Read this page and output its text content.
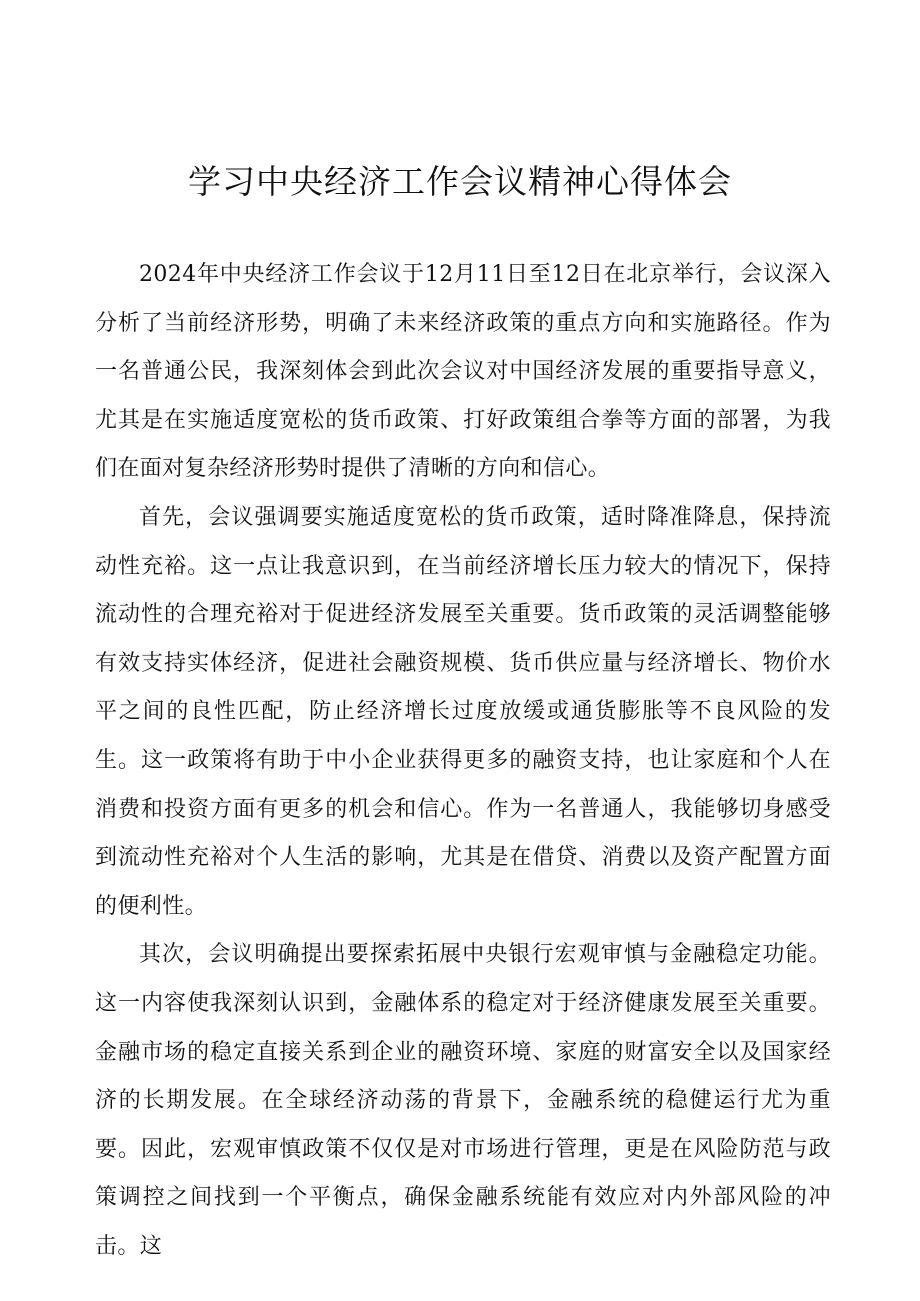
学习中央经济工作会议精神心得体会

2024年中央经济工作会议于12月11日至12日在北京举行，会议深入分析了当前经济形势，明确了未来经济政策的重点方向和实施路径。作为一名普通公民，我深刻体会到此次会议对中国经济发展的重要指导意义，尤其是在实施适度宽松的货币政策、打好政策组合拳等方面的部署，为我们在面对复杂经济形势时提供了清晰的方向和信心。

首先，会议强调要实施适度宽松的货币政策，适时降准降息，保持流动性充裕。这一点让我意识到，在当前经济增长压力较大的情况下，保持流动性的合理充裕对于促进经济发展至关重要。货币政策的灵活调整能够有效支持实体经济，促进社会融资规模、货币供应量与经济增长、物价水平之间的良性匹配，防止经济增长过度放缓或通货膨胀等不良风险的发生。这一政策将有助于中小企业获得更多的融资支持，也让家庭和个人在消费和投资方面有更多的机会和信心。作为一名普通人，我能够切身感受到流动性充裕对个人生活的影响，尤其是在借贷、消费以及资产配置方面的便利性。

其次，会议明确提出要探索拓展中央银行宏观审慎与金融稳定功能。这一内容使我深刻认识到，金融体系的稳定对于经济健康发展至关重要。金融市场的稳定直接关系到企业的融资环境、家庭的财富安全以及国家经济的长期发展。在全球经济动荡的背景下，金融系统的稳健运行尤为重要。因此，宏观审慎政策不仅仅是对市场进行管理，更是在风险防范与政策调控之间找到一个平衡点，确保金融系统能有效应对内外部风险的冲击。这
